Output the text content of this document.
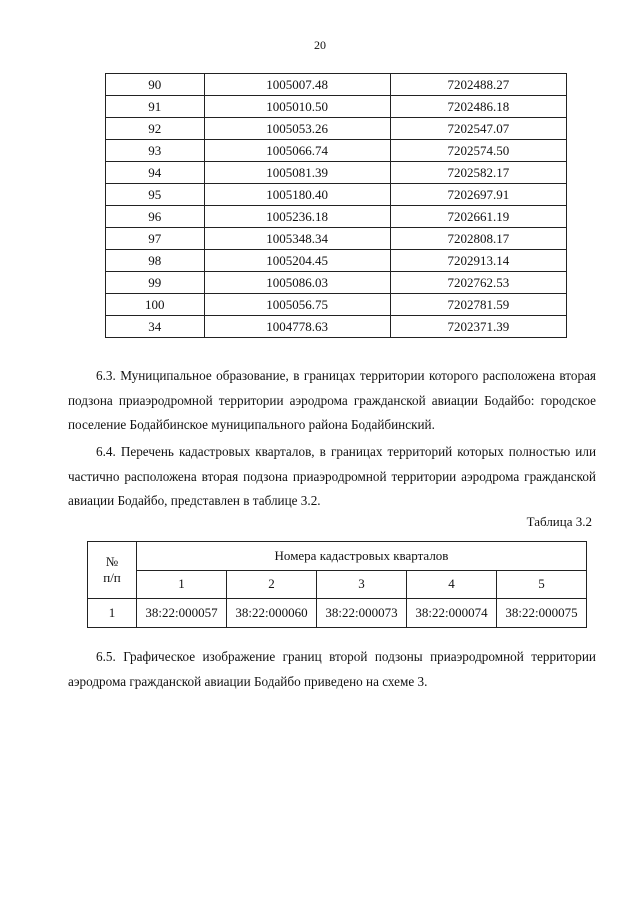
20
90	1005007.48	7202488.27
91	1005010.50	7202486.18
92	1005053.26	7202547.07
93	1005066.74	7202574.50
94	1005081.39	7202582.17
95	1005180.40	7202697.91
96	1005236.18	7202661.19
97	1005348.34	7202808.17
98	1005204.45	7202913.14
99	1005086.03	7202762.53
100	1005056.75	7202781.59
34	1004778.63	7202371.39

6.3. Муниципальное образование, в границах территории которого расположена вторая подзона приаэродромной территории аэродрома гражданской авиации Бодайбо: городское поселение Бодайбинское муниципального района Бодайбинский.

6.4. Перечень кадастровых кварталов, в границах территорий которых полностью или частично расположена вторая подзона приаэродромной территории аэродрома гражданской авиации Бодайбо, представлен в таблице 3.2.

Таблица 3.2
№
п/п	Номера кадастровых кварталов				
	1	2	3	4	5
1	38:22:000057	38:22:000060	38:22:000073	38:22:000074	38:22:000075

6.5. Графическое изображение границ второй подзоны приаэродромной территории аэродрома гражданской авиации Бодайбо приведено на схеме 3.
